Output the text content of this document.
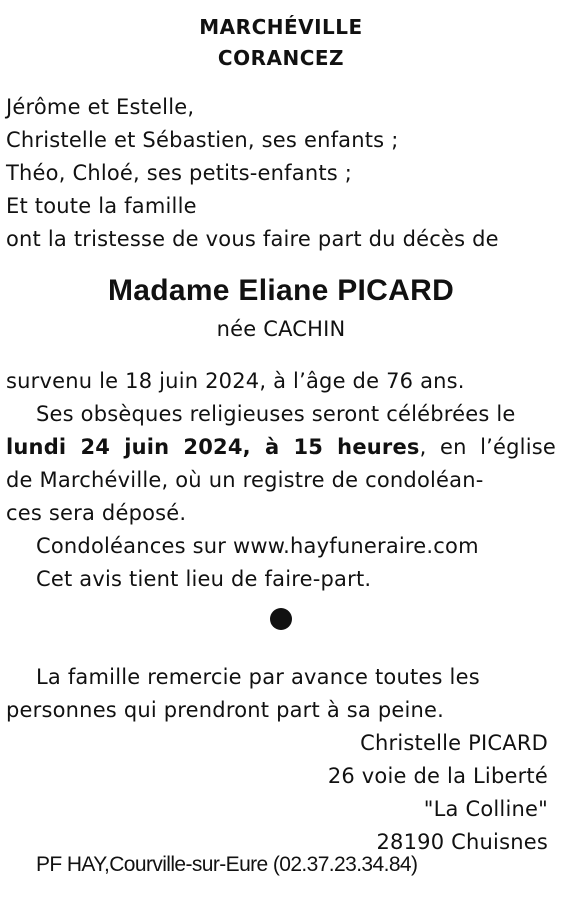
MARCHÉVILLE
CORANCEZ
Jérôme et Estelle,
Christelle et Sébastien, ses enfants ;
Théo, Chloé, ses petits-enfants ;
Et toute la famille
ont la tristesse de vous faire part du décès de
Madame Eliane PICARD
née CACHIN
survenu le 18 juin 2024, à l’âge de 76 ans.
Ses obsèques religieuses seront célébrées le
lundi 24 juin 2024, à 15 heures, en l’église
de Marchéville, où un registre de condoléan-
ces sera déposé.
Condoléances sur www.hayfuneraire.com
Cet avis tient lieu de faire-part.
La famille remercie par avance toutes les
personnes qui prendront part à sa peine.
Christelle PICARD
26 voie de la Liberté
"La Colline"
28190 Chuisnes
PF HAY,Courville-sur-Eure (02.37.23.34.84)
